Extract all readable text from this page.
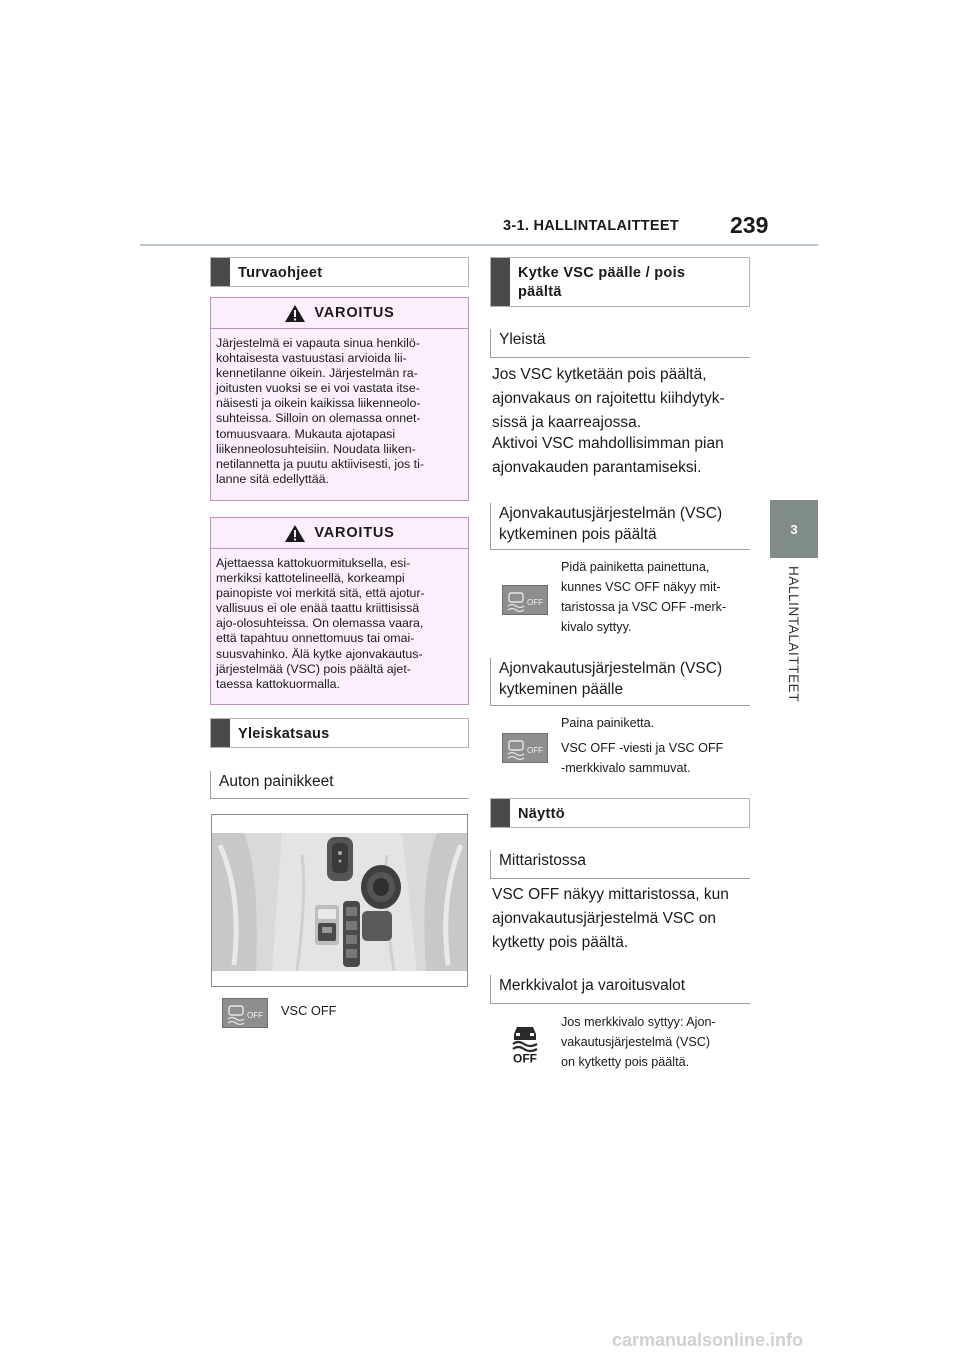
3-1. HALLINTALAITTEET 239
3
HALLINTALAITTEET
Turvaohjeet
VAROITUS
Järjestelmä ei vapauta sinua henkilö-
kohtaisesta vastuustasi arvioida lii-
kennetilanne oikein. Järjestelmän ra-
joitusten vuoksi se ei voi vastata itse-
näisesti ja oikein kaikissa liikenneolo-
suhteissa. Silloin on olemassa onnet-
tomuusvaara. Mukauta ajotapasi
liikenneolosuhteisiin. Noudata liiken-
netilannetta ja puutu aktiivisesti, jos ti-
lanne sitä edellyttää.
VAROITUS
Ajettaessa kattokuormituksella, esi-
merkiksi kattotelineellä, korkeampi
painopiste voi merkitä sitä, että ajotur-
vallisuus ei ole enää taattu kriittisissä
ajo-olosuhteissa. On olemassa vaara,
että tapahtuu onnettomuus tai omai-
suusvahinko. Älä kytke ajonvakautus-
järjestelmää (VSC) pois päältä ajet-
taessa kattokuormalla.
Yleiskatsaus
Auton painikkeet
OFF VSC OFF
Kytke VSC päälle / pois
päältä
Yleistä
Jos VSC kytketään pois päältä,
ajonvakaus on rajoitettu kiihdytyk-
sissä ja kaarreajossa.
Aktivoi VSC mahdollisimman pian
ajonvakauden parantamiseksi.
Ajonvakautusjärjestelmän (VSC)
kytkeminen pois päältä
OFF
Pidä painiketta painettuna,
kunnes VSC OFF näkyy mit-
taristossa ja VSC OFF -merk-
kivalo syttyy.
Ajonvakautusjärjestelmän (VSC)
kytkeminen päälle
OFF
Paina painiketta.
VSC OFF -viesti ja VSC OFF
-merkkivalo sammuvat.
Näyttö
Mittaristossa
VSC OFF näkyy mittaristossa, kun
ajonvakautusjärjestelmä VSC on
kytketty pois päältä.
Merkkivalot ja varoitusvalot
OFF
Jos merkkivalo syttyy: Ajon-
vakautusjärjestelmä (VSC)
on kytketty pois päältä.
carmanualsonline.info
